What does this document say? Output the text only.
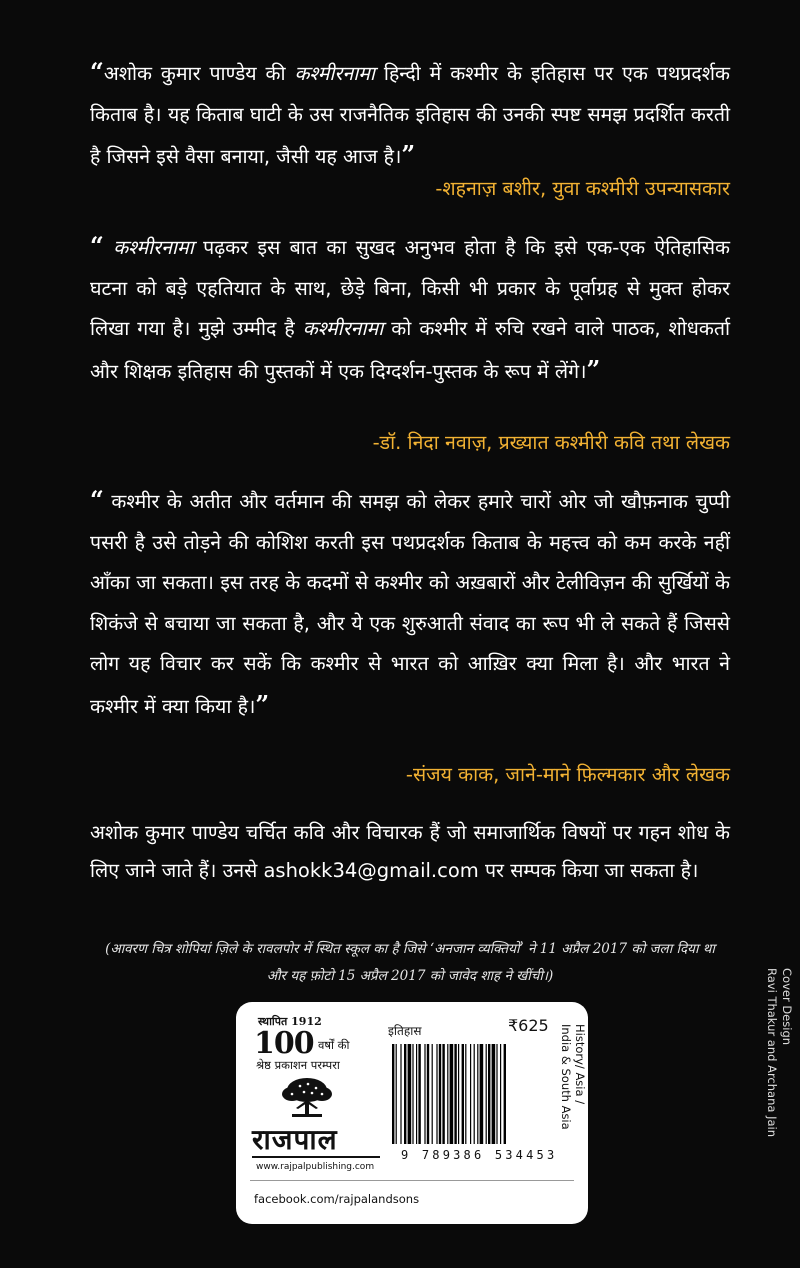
“अशोक कुमार पाण्डेय की कश्मीरनामा हिन्दी में कश्मीर के इतिहास पर एक पथप्रदर्शक किताब है। यह किताब घाटी के उस राजनैतिक इतिहास की उनकी स्पष्ट समझ प्रदर्शित करती है जिसने इसे वैसा बनाया, जैसी यह आज है।”
-शहनाज़ बशीर, युवा कश्मीरी उपन्यासकार
“ कश्मीरनामा पढ़कर इस बात का सुखद अनुभव होता है कि इसे एक-एक ऐतिहासिक घटना को बड़े एहतियात के साथ, छेड़े बिना, किसी भी प्रकार के पूर्वाग्रह से मुक्त होकर लिखा गया है। मुझे उम्मीद है कश्मीरनामा को कश्मीर में रुचि रखने वाले पाठक, शोधकर्ता और शिक्षक इतिहास की पुस्तकों में एक दिग्दर्शन-पुस्तक के रूप में लेंगे।”
-डॉ. निदा नवाज़, प्रख्यात कश्मीरी कवि तथा लेखक
“ कश्मीर के अतीत और वर्तमान की समझ को लेकर हमारे चारों ओर जो खौफ़नाक चुप्पी पसरी है उसे तोड़ने की कोशिश करती इस पथप्रदर्शक किताब के महत्त्व को कम करके नहीं आँका जा सकता। इस तरह के कदमों से कश्मीर को अख़बारों और टेलीविज़न की सुर्खियों के शिकंजे से बचाया जा सकता है, और ये एक शुरुआती संवाद का रूप भी ले सकते हैं जिससे लोग यह विचार कर सकें कि कश्मीर से भारत को आख़िर क्या मिला है। और भारत ने कश्मीर में क्या किया है।”
-संजय काक, जाने-माने फ़िल्मकार और लेखक
अशोक कुमार पाण्डेय चर्चित कवि और विचारक हैं जो समाजार्थिक विषयों पर गहन शोध के लिए जाने जाते हैं। उनसे ashokk34@gmail.com पर सम्पक किया जा सकता है।
(आवरण चित्र शोपियां ज़िले के रावलपोर में स्थित स्कूल का है जिसे ‘अनजान व्यक्तियों’ ने 11 अप्रैल 2017 को जला दिया था और यह फ़ोटो 15 अप्रैल 2017 को जावेद शाह ने खींची।)	Cover Design
Ravi Thakur and Archana Jain
स्थापित 1912
100 वर्षों की
श्रेष्ठ प्रकाशन परम्परा
राजपाल
www.rajpalpublishing.com
facebook.com/rajpalandsons
इतिहास	₹625
9 789386 534453
History/ Asia /
India & South Asia
